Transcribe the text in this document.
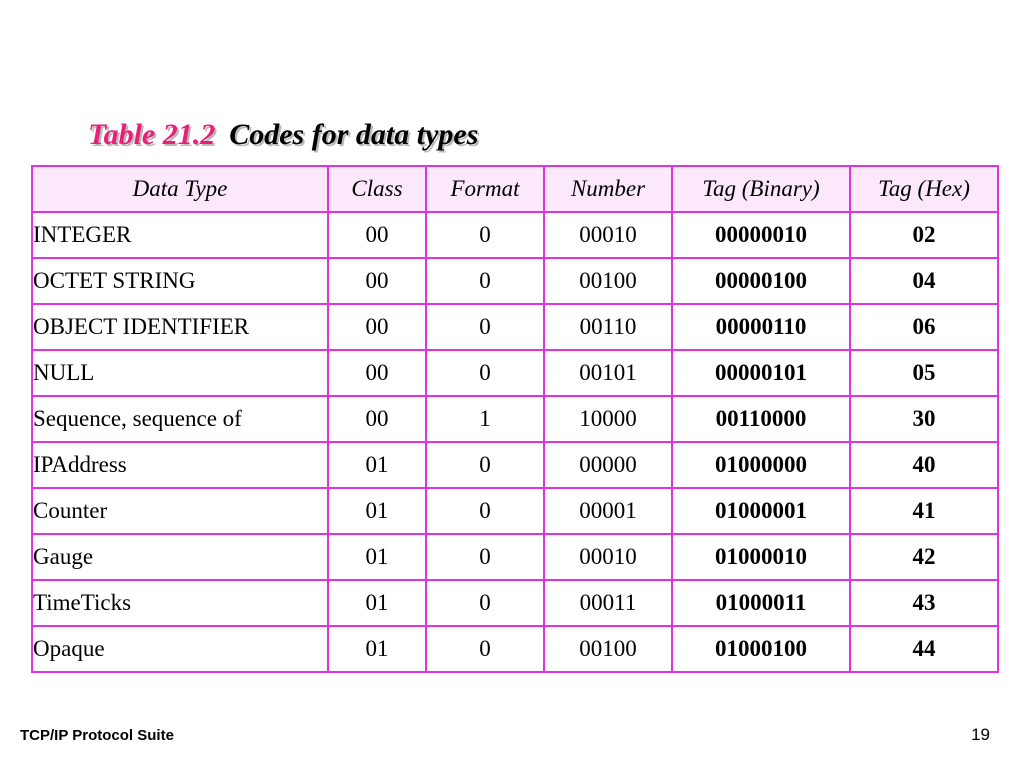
Table 21.2 Codes for data types
Data Type	Class	Format	Number	Tag (Binary)	Tag (Hex)
INTEGER	00	0	00010	00000010	02
OCTET STRING	00	0	00100	00000100	04
OBJECT IDENTIFIER	00	0	00110	00000110	06
NULL	00	0	00101	00000101	05
Sequence, sequence of	00	1	10000	00110000	30
IPAddress	01	0	00000	01000000	40
Counter	01	0	00001	01000001	41
Gauge	01	0	00010	01000010	42
TimeTicks	01	0	00011	01000011	43
Opaque	01	0	00100	01000100	44
TCP/IP Protocol Suite	19
